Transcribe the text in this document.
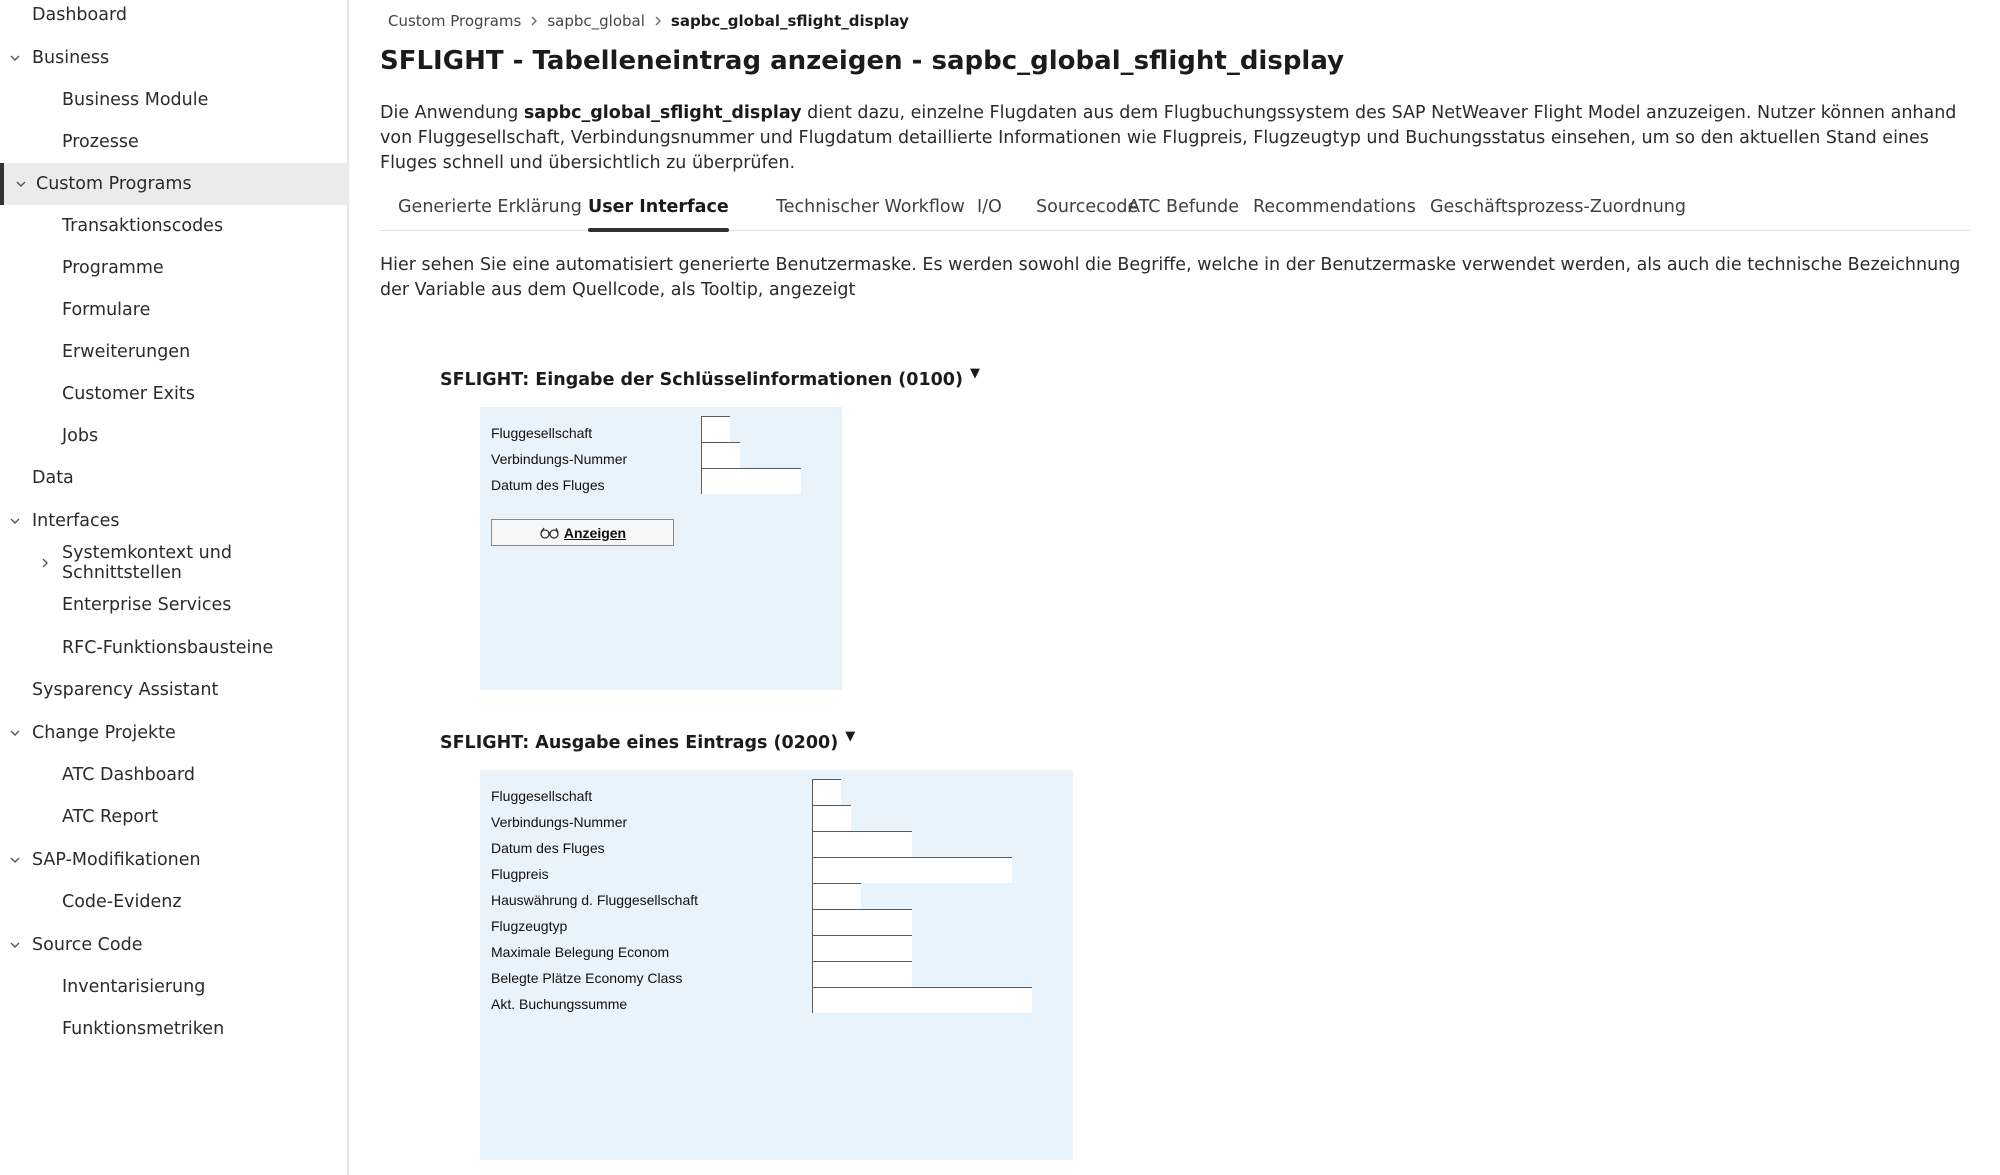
Dashboard
Business
Business Module
Prozesse
Custom Programs
Transaktionscodes
Programme
Formulare
Erweiterungen
Customer Exits
Jobs
Data
Interfaces
Systemkontext und Schnittstellen
Enterprise Services
RFC-Funktionsbausteine
Sysparency Assistant
Change Projekte
ATC Dashboard
ATC Report
SAP-Modifikationen
Code-Evidenz
Source Code
Inventarisierung
Funktionsmetriken
Custom Programs sapbc_global sapbc_global_sflight_display
SFLIGHT - Tabelleneintrag anzeigen - sapbc_global_sflight_display

Die Anwendung sapbc_global_sflight_display dient dazu, einzelne Flugdaten aus dem Flugbuchungssystem des SAP NetWeaver Flight Model anzuzeigen. Nutzer können anhand von Fluggesellschaft, Verbindungsnummer und Flugdatum detaillierte Informationen wie Flugpreis, Flugzeugtyp und Buchungsstatus einsehen, um so den aktuellen Stand eines Fluges schnell und übersichtlich zu überprüfen.

Generierte Erklärung User Interface	Technischer Workflow I/O Sourcecode
ATC Befunde Recommendations Geschäftsprozess-Zuordnung

Hier sehen Sie eine automatisiert generierte Benutzermaske. Es werden sowohl die Begriffe, welche in der Benutzermaske verwendet werden, als auch die technische Bezeichnung der Variable aus dem Quellcode, als Tooltip, angezeigt

SFLIGHT: Eingabe der Schlüsselinformationen (0100) ▼
Fluggesellschaft
Verbindungs-Nummer
Datum des Fluges
Anzeigen
SFLIGHT: Ausgabe eines Eintrags (0200) ▼
Fluggesellschaft
Verbindungs-Nummer
Datum des Fluges
Flugpreis
Hauswährung d. Fluggesellschaft
Flugzeugtyp
Maximale Belegung Econom
Belegte Plätze Economy Class
Akt. Buchungssumme
